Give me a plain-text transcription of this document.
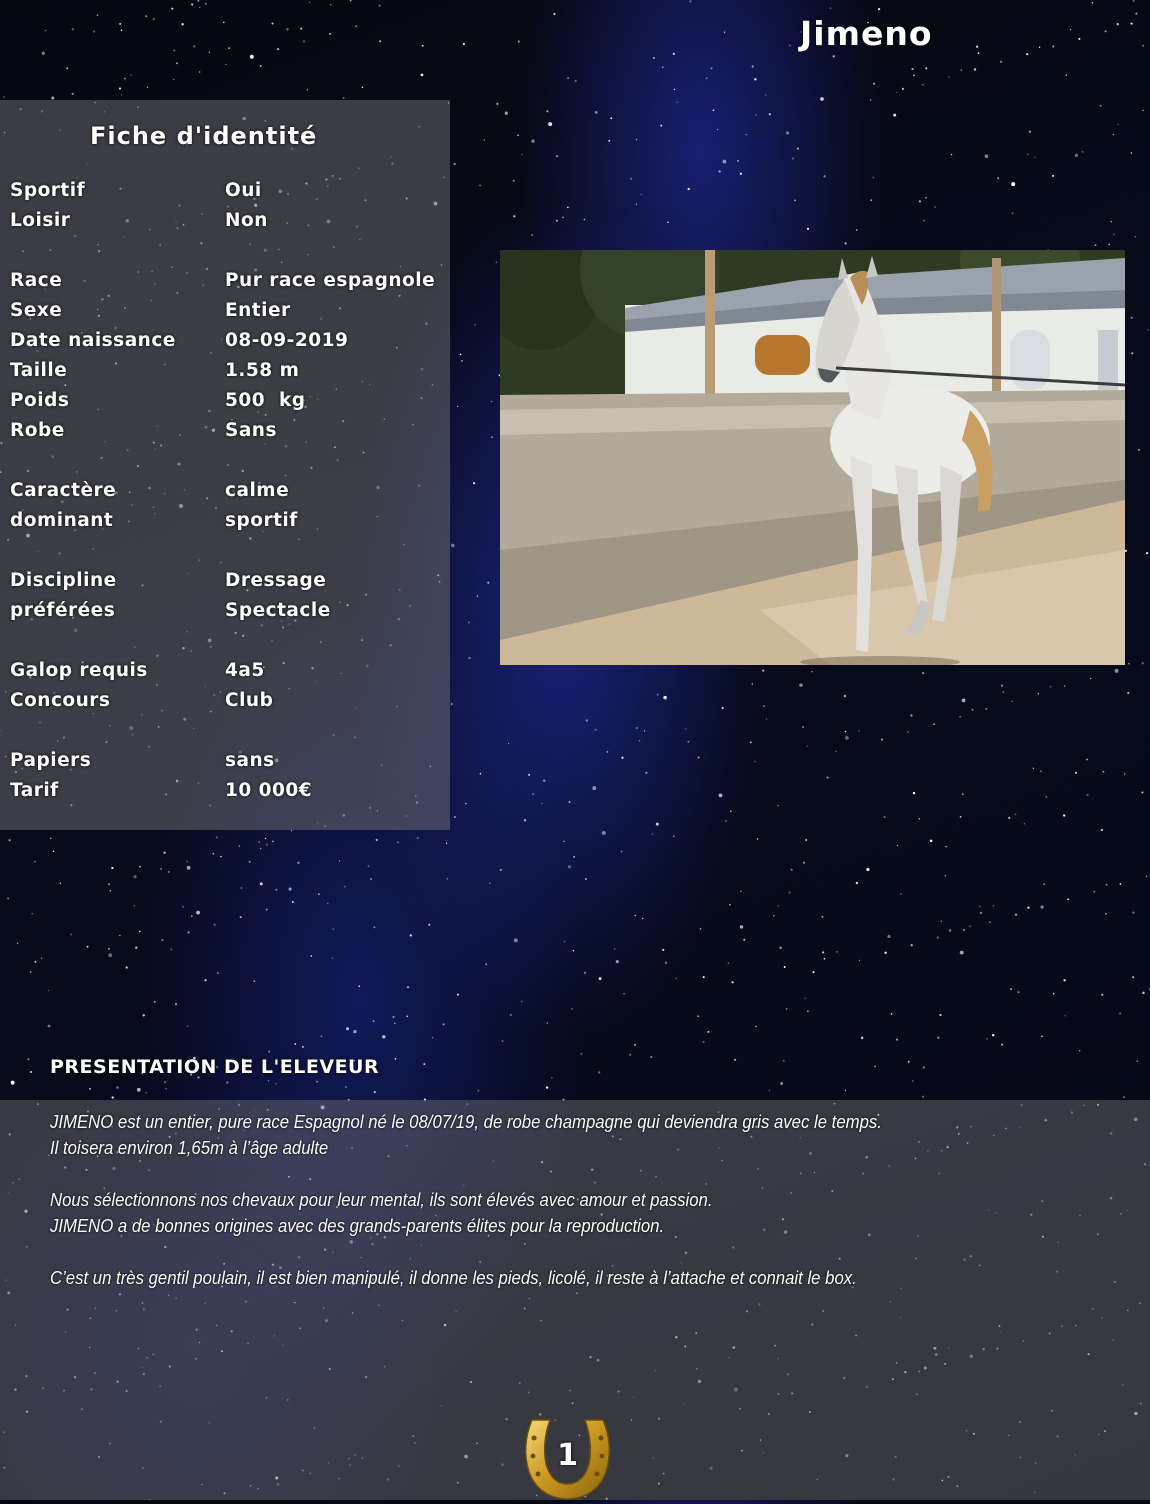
Jimeno
Fiche d'identité
Sportif	Oui
Loisir	Non
Race	Pur race espagnole
Sexe	Entier
Date naissance	08-09-2019
Taille	1.58 m
Poids	500  kg
Robe	Sans
Caractère	calme
dominant	sportif
Discipline	Dressage
préférées	Spectacle
Galop requis	4a5
Concours	Club
Papiers	sans
Tarif	10 000€
PRESENTATION DE L'ELEVEUR
JIMENO est un entier, pure race Espagnol né le 08/07/19, de robe champagne qui deviendra gris avec le temps.
Il toisera environ 1,65m à l’âge adulte
Nous sélectionnons nos chevaux pour leur mental, ils sont élevés avec amour et passion.
JIMENO a de bonnes origines avec des grands-parents élites pour la reproduction.
C’est un très gentil poulain, il est bien manipulé, il donne les pieds, licolé, il reste à l’attache et connait le box.
1
